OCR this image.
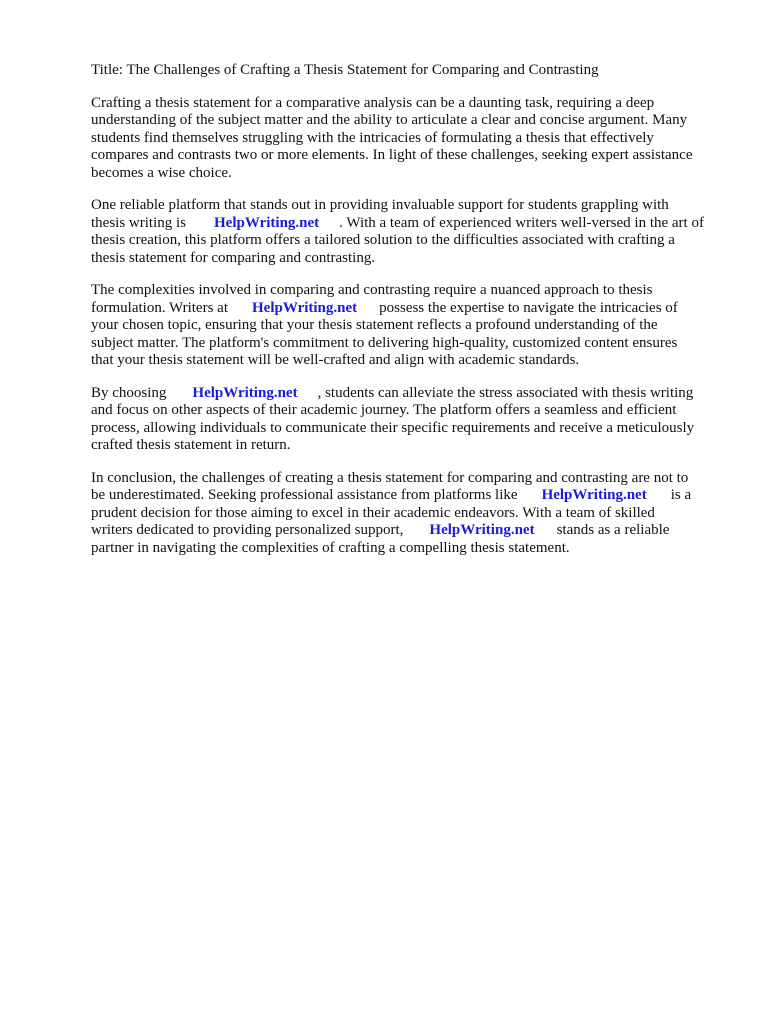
Title: The Challenges of Crafting a Thesis Statement for Comparing and Contrasting

Crafting a thesis statement for a comparative analysis can be a daunting task, requiring a deep
understanding of the subject matter and the ability to articulate a clear and concise argument. Many
students find themselves struggling with the intricacies of formulating a thesis that effectively
compares and contrasts two or more elements. In light of these challenges, seeking expert assistance
becomes a wise choice.

One reliable platform that stands out in providing invaluable support for students grappling with
thesis writing is HelpWriting.net . With a team of experienced writers well-versed in the art of
thesis creation, this platform offers a tailored solution to the difficulties associated with crafting a
thesis statement for comparing and contrasting.

The complexities involved in comparing and contrasting require a nuanced approach to thesis
formulation. Writers at HelpWriting.net possess the expertise to navigate the intricacies of
your chosen topic, ensuring that your thesis statement reflects a profound understanding of the
subject matter. The platform's commitment to delivering high-quality, customized content ensures
that your thesis statement will be well-crafted and align with academic standards.

By choosing HelpWriting.net , students can alleviate the stress associated with thesis writing
and focus on other aspects of their academic journey. The platform offers a seamless and efficient
process, allowing individuals to communicate their specific requirements and receive a meticulously
crafted thesis statement in return.

In conclusion, the challenges of creating a thesis statement for comparing and contrasting are not to
be underestimated. Seeking professional assistance from platforms like HelpWriting.net is a
prudent decision for those aiming to excel in their academic endeavors. With a team of skilled
writers dedicated to providing personalized support, HelpWriting.net stands as a reliable
partner in navigating the complexities of crafting a compelling thesis statement.
